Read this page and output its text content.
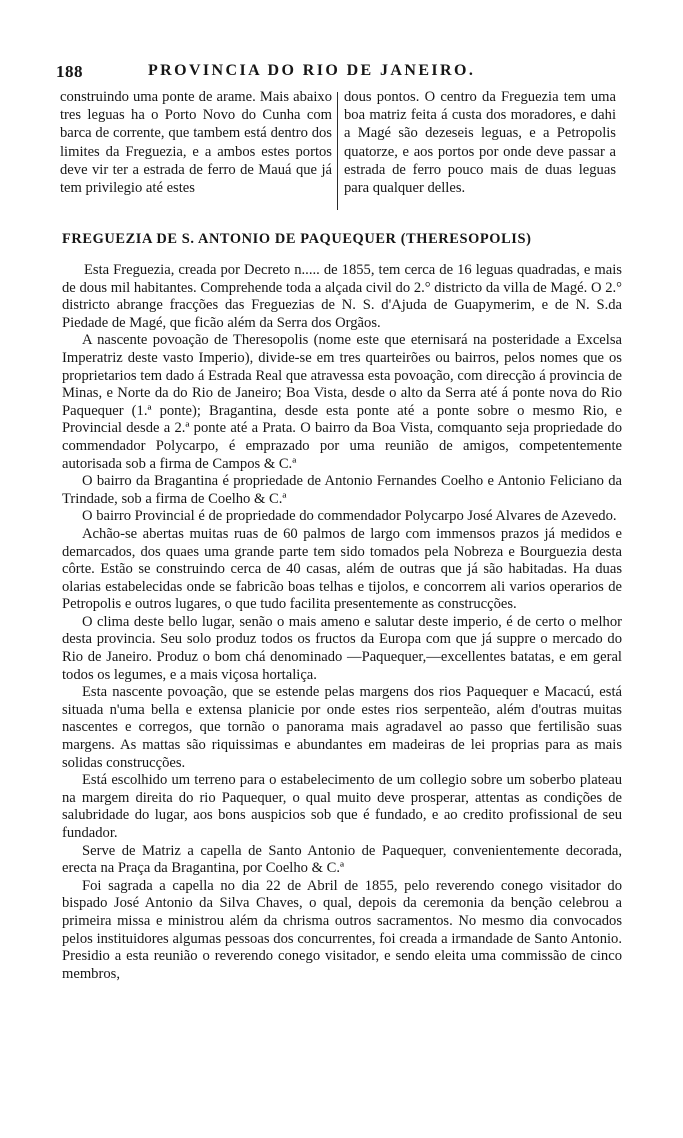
188	PROVINCIA DO RIO DE JANEIRO.

construindo uma ponte de arame. Mais abaixo tres leguas ha o Porto Novo do Cunha com barca de corrente, que tambem está dentro dos limites da Freguezia, e a ambos estes portos deve vir ter a estrada de ferro de Mauá que já tem privilegio até estes

dous pontos. O centro da Freguezia tem uma boa matriz feita á custa dos moradores, e dahi a Magé são dezeseis leguas, e a Petropolis quatorze, e aos portos por onde deve passar a estrada de ferro pouco mais de duas leguas para qualquer delles.

FREGUEZIA DE S. ANTONIO DE PAQUEQUER (THERESOPOLIS)

Esta Freguezia, creada por Decreto n..... de 1855, tem cerca de 16 leguas quadradas, e mais de dous mil habitantes. Comprehende toda a alçada civil do 2.° districto da villa de Magé. O 2.° districto abrange fracções das Freguezias de N. S. d'Ajuda de Guapymerim, e de N. S.da Piedade de Magé, que ficão além da Serra dos Orgãos.

A nascente povoação de Theresopolis (nome este que eternisará na posteridade a Excelsa Imperatriz deste vasto Imperio), divide-se em tres quarteirões ou bairros, pelos nomes que os proprietarios tem dado á Estrada Real que atravessa esta povoação, com direcção á provincia de Minas, e Norte da do Rio de Janeiro; Boa Vista, desde o alto da Serra até á ponte nova do Rio Paquequer (1.ª ponte); Bragantina, desde esta ponte até a ponte sobre o mesmo Rio, e Provincial desde a 2.ª ponte até a Prata. O bairro da Boa Vista, comquanto seja propriedade do commendador Polycarpo, é emprazado por uma reunião de amigos, competentemente autorisada sob a firma de Campos & C.ª

O bairro da Bragantina é propriedade de Antonio Fernandes Coelho e Antonio Feliciano da Trindade, sob a firma de Coelho & C.ª

O bairro Provincial é de propriedade do commendador Polycarpo José Alvares de Azevedo.

Achão-se abertas muitas ruas de 60 palmos de largo com immensos prazos já medidos e demarcados, dos quaes uma grande parte tem sido tomados pela Nobreza e Bourguezia desta côrte. Estão se construindo cerca de 40 casas, além de outras que já são habitadas. Ha duas olarias estabelecidas onde se fabricão boas telhas e tijolos, e concorrem ali varios operarios de Petropolis e outros lugares, o que tudo facilita presentemente as construcções.

O clima deste bello lugar, senão o mais ameno e salutar deste imperio, é de certo o melhor desta provincia. Seu solo produz todos os fructos da Europa com que já suppre o mercado do Rio de Janeiro. Produz o bom chá denominado —Paquequer,—excellentes batatas, e em geral todos os legumes, e a mais viçosa hortaliça.

Esta nascente povoação, que se estende pelas margens dos rios Paquequer e Macacú, está situada n'uma bella e extensa planicie por onde estes rios serpenteão, além d'outras muitas nascentes e corregos, que tornão o panorama mais agradavel ao passo que fertilisão suas margens. As mattas são riquissimas e abundantes em madeiras de lei proprias para as mais solidas construcções.

Está escolhido um terreno para o estabelecimento de um collegio sobre um soberbo plateau na margem direita do rio Paquequer, o qual muito deve prosperar, attentas as condições de salubridade do lugar, aos bons auspicios sob que é fundado, e ao credito profissional de seu fundador.

Serve de Matriz a capella de Santo Antonio de Paquequer, convenientemente decorada, erecta na Praça da Bragantina, por Coelho & C.ª

Foi sagrada a capella no dia 22 de Abril de 1855, pelo reverendo conego visitador do bispado José Antonio da Silva Chaves, o qual, depois da ceremonia da benção celebrou a primeira missa e ministrou além da chrisma outros sacramentos. No mesmo dia convocados pelos instituidores algumas pessoas dos concurrentes, foi creada a irmandade de Santo Antonio. Presidio a esta reunião o reverendo conego visitador, e sendo eleita uma commissão de cinco membros,
